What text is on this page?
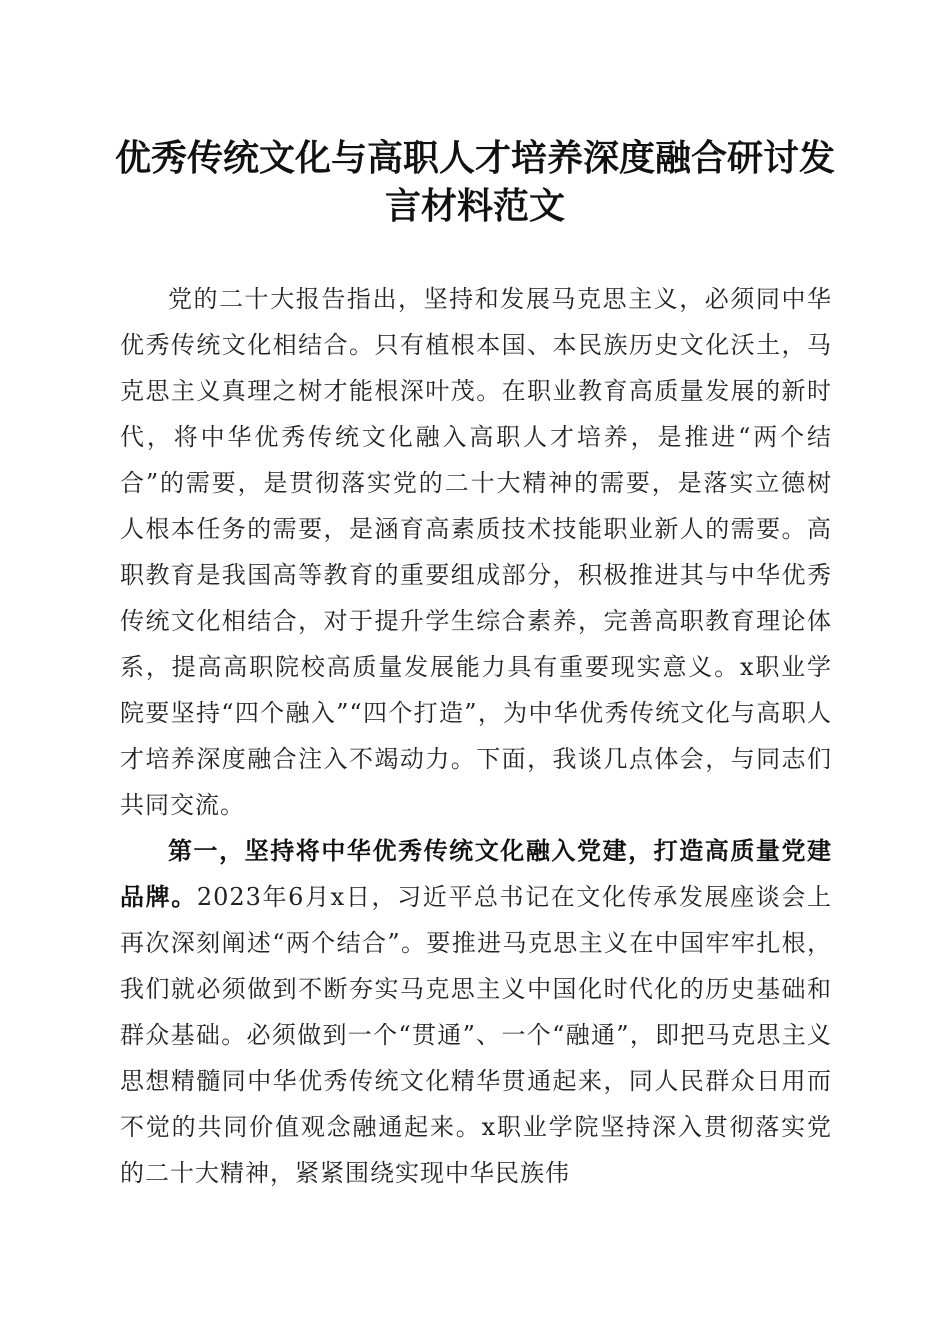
优秀传统文化与高职人才培养深度融合研讨发
言材料范文

党的二十大报告指出，坚持和发展马克思主义，必须同中华优秀传统文化相结合。只有植根本国、本民族历史文化沃土，马克思主义真理之树才能根深叶茂。在职业教育高质量发展的新时代，将中华优秀传统文化融入高职人才培养，是推进“两个结合”的需要，是贯彻落实党的二十大精神的需要，是落实立德树人根本任务的需要，是涵育高素质技术技能职业新人的需要。高职教育是我国高等教育的重要组成部分，积极推进其与中华优秀传统文化相结合，对于提升学生综合素养，完善高职教育理论体系，提高高职院校高质量发展能力具有重要现实意义。x职业学院要坚持“四个融入”“四个打造”，为中华优秀传统文化与高职人才培养深度融合注入不竭动力。下面，我谈几点体会，与同志们共同交流。

第一，坚持将中华优秀传统文化融入党建，打造高质量党建品牌。2023年6月x日，习近平总书记在文化传承发展座谈会上再次深刻阐述“两个结合”。要推进马克思主义在中国牢牢扎根，我们就必须做到不断夯实马克思主义中国化时代化的历史基础和群众基础。必须做到一个“贯通”、一个“融通”，即把马克思主义思想精髓同中华优秀传统文化精华贯通起来，同人民群众日用而不觉的共同价值观念融通起来。x职业学院坚持深入贯彻落实党的二十大精神，紧紧围绕实现中华民族伟
